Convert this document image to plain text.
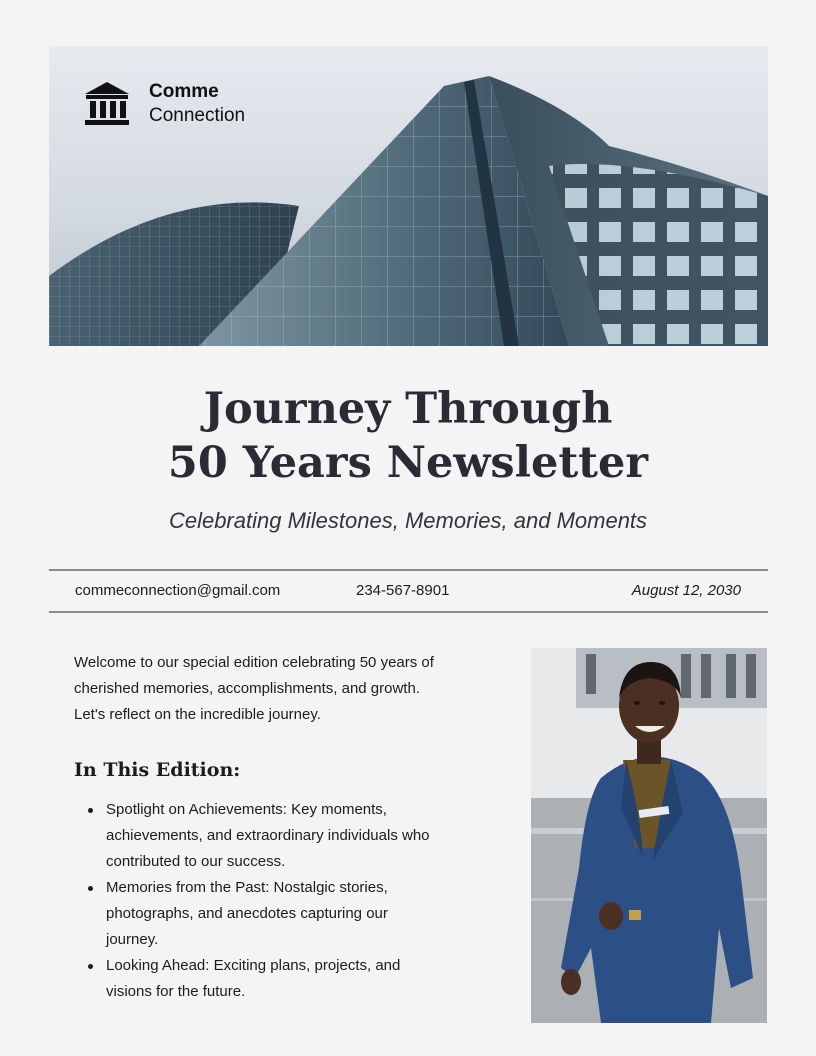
Comme
Connection
Journey Through
50 Years Newsletter
Celebrating Milestones, Memories, and Moments
commeconnection@gmail.com	234-567-8901	August 12, 2030
Welcome to our special edition celebrating 50 years of cherished memories, accomplishments, and growth. Let's reflect on the incredible journey.
In This Edition:
Spotlight on Achievements: Key moments, achievements, and extraordinary individuals who contributed to our success.
Memories from the Past: Nostalgic stories, photographs, and anecdotes capturing our journey.
Looking Ahead: Exciting plans, projects, and visions for the future.
